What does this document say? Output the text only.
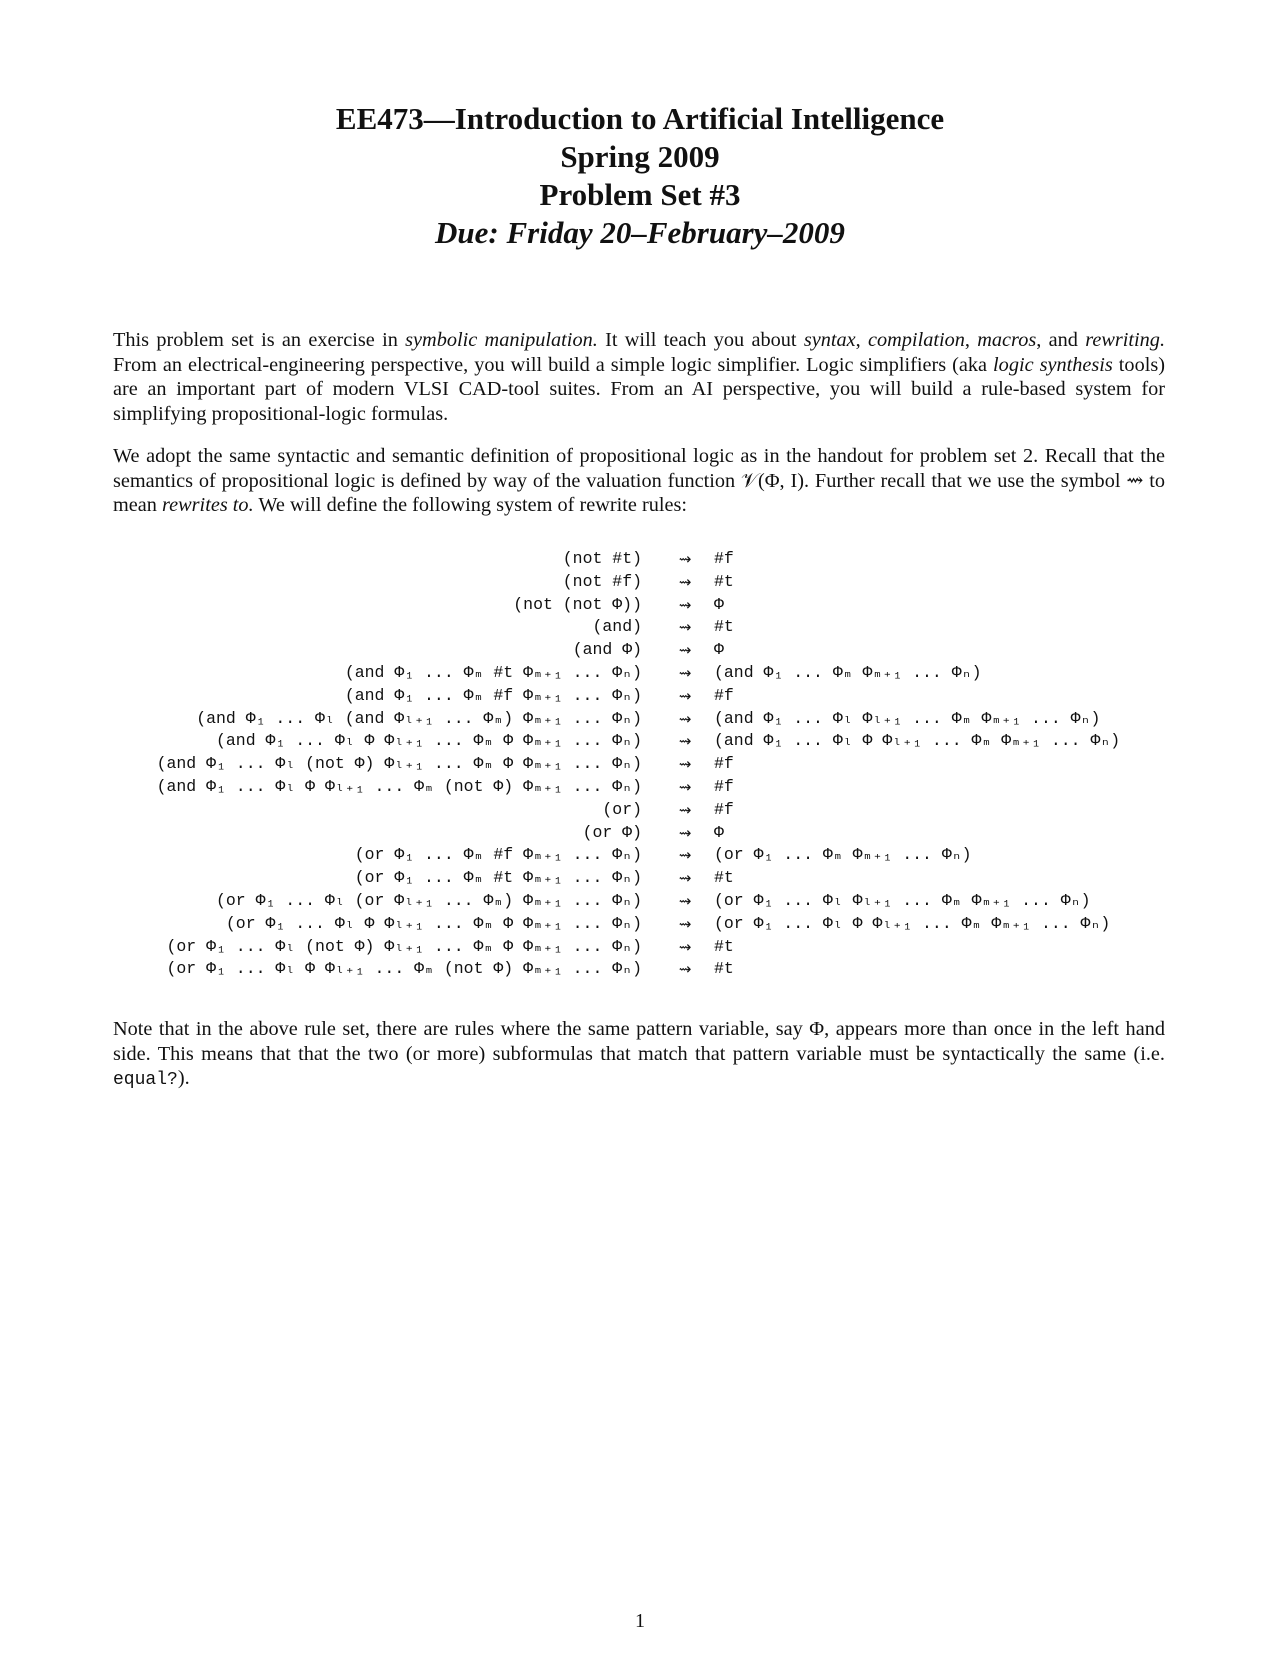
EE473—Introduction to Artificial Intelligence

Spring 2009

Problem Set #3

Due: Friday 20–February–2009

This problem set is an exercise in symbolic manipulation. It will teach you about syntax, compilation, macros, and rewriting. From an electrical-engineering perspective, you will build a simple logic simplifier. Logic simplifiers (aka logic synthesis tools) are an important part of modern VLSI CAD-tool suites. From an AI perspective, you will build a rule-based system for simplifying propositional-logic formulas.

We adopt the same syntactic and semantic definition of propositional logic as in the handout for problem set 2. Recall that the semantics of propositional logic is defined by way of the valuation function 𝒱(Φ, I). Further recall that we use the symbol ⇝ to mean rewrites to. We will define the following system of rewrite rules:

(not #t)	⇝	#f
(not #f)	⇝	#t
(not (not Φ))	⇝	Φ
(and)	⇝	#t
(and Φ)	⇝	Φ
(and Φ₁ ... Φₘ #t Φₘ₊₁ ... Φₙ)	⇝	(and Φ₁ ... Φₘ Φₘ₊₁ ... Φₙ)
(and Φ₁ ... Φₘ #f Φₘ₊₁ ... Φₙ)	⇝	#f
(and Φ₁ ... Φₗ (and Φₗ₊₁ ... Φₘ) Φₘ₊₁ ... Φₙ)	⇝	(and Φ₁ ... Φₗ Φₗ₊₁ ... Φₘ Φₘ₊₁ ... Φₙ)
(and Φ₁ ... Φₗ Φ Φₗ₊₁ ... Φₘ Φ Φₘ₊₁ ... Φₙ)	⇝	(and Φ₁ ... Φₗ Φ Φₗ₊₁ ... Φₘ Φₘ₊₁ ... Φₙ)
(and Φ₁ ... Φₗ (not Φ) Φₗ₊₁ ... Φₘ Φ Φₘ₊₁ ... Φₙ)	⇝	#f
(and Φ₁ ... Φₗ Φ Φₗ₊₁ ... Φₘ (not Φ) Φₘ₊₁ ... Φₙ)	⇝	#f
(or)	⇝	#f
(or Φ)	⇝	Φ
(or Φ₁ ... Φₘ #f Φₘ₊₁ ... Φₙ)	⇝	(or Φ₁ ... Φₘ Φₘ₊₁ ... Φₙ)
(or Φ₁ ... Φₘ #t Φₘ₊₁ ... Φₙ)	⇝	#t
(or Φ₁ ... Φₗ (or Φₗ₊₁ ... Φₘ) Φₘ₊₁ ... Φₙ)	⇝	(or Φ₁ ... Φₗ Φₗ₊₁ ... Φₘ Φₘ₊₁ ... Φₙ)
(or Φ₁ ... Φₗ Φ Φₗ₊₁ ... Φₘ Φ Φₘ₊₁ ... Φₙ)	⇝	(or Φ₁ ... Φₗ Φ Φₗ₊₁ ... Φₘ Φₘ₊₁ ... Φₙ)
(or Φ₁ ... Φₗ (not Φ) Φₗ₊₁ ... Φₘ Φ Φₘ₊₁ ... Φₙ)	⇝	#t
(or Φ₁ ... Φₗ Φ Φₗ₊₁ ... Φₘ (not Φ) Φₘ₊₁ ... Φₙ)	⇝	#t

Note that in the above rule set, there are rules where the same pattern variable, say Φ, appears more than once in the left hand side. This means that that the two (or more) subformulas that match that pattern variable must be syntactically the same (i.e. equal?).

1
